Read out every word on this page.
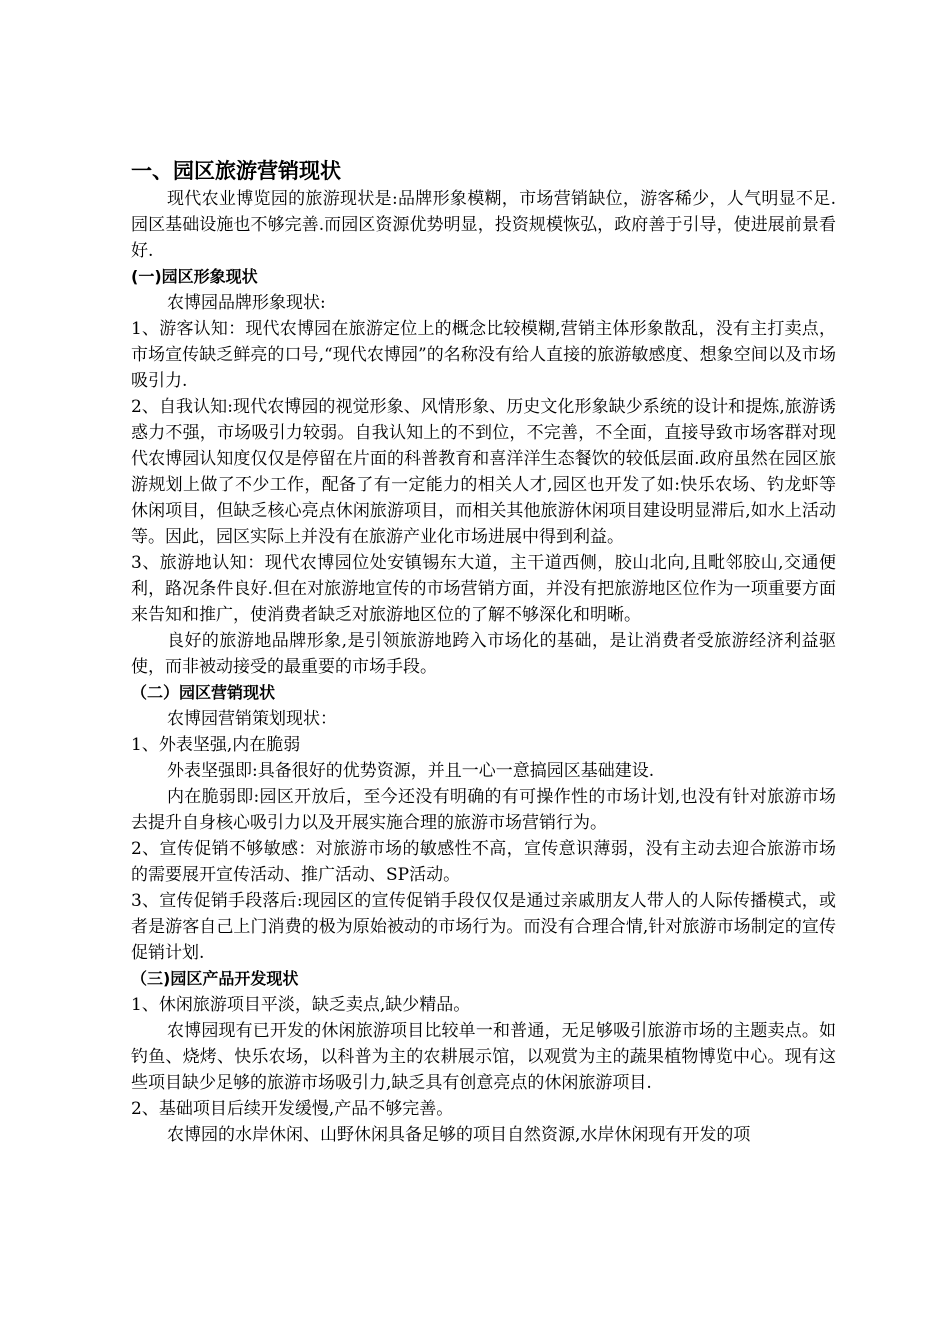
一、园区旅游营销现状

现代农业博览园的旅游现状是:品牌形象模糊，市场营销缺位，游客稀少，人气明显不足.园区基础设施也不够完善.而园区资源优势明显，投资规模恢弘，政府善于引导，使进展前景看好.

(一)园区形象现状

农博园品牌形象现状:

1、游客认知：现代农博园在旅游定位上的概念比较模糊,营销主体形象散乱，没有主打卖点，市场宣传缺乏鲜亮的口号,“现代农博园”的名称没有给人直接的旅游敏感度、想象空间以及市场吸引力.

2、自我认知:现代农博园的视觉形象、风情形象、历史文化形象缺少系统的设计和提炼,旅游诱惑力不强，市场吸引力较弱。自我认知上的不到位，不完善，不全面，直接导致市场客群对现代农博园认知度仅仅是停留在片面的科普教育和喜洋洋生态餐饮的较低层面.政府虽然在园区旅游规划上做了不少工作，配备了有一定能力的相关人才,园区也开发了如:快乐农场、钓龙虾等休闲项目，但缺乏核心亮点休闲旅游项目，而相关其他旅游休闲项目建设明显滞后,如水上活动等。因此，园区实际上并没有在旅游产业化市场进展中得到利益。

3、旅游地认知：现代农博园位处安镇锡东大道，主干道西侧，胶山北向,且毗邻胶山,交通便利，路况条件良好.但在对旅游地宣传的市场营销方面，并没有把旅游地区位作为一项重要方面来告知和推广，使消费者缺乏对旅游地区位的了解不够深化和明晰。

良好的旅游地品牌形象,是引领旅游地跨入市场化的基础，是让消费者受旅游经济利益驱使，而非被动接受的最重要的市场手段。

（二）园区营销现状

农博园营销策划现状：

1、外表坚强,内在脆弱

外表坚强即:具备很好的优势资源，并且一心一意搞园区基础建设.

内在脆弱即:园区开放后，至今还没有明确的有可操作性的市场计划,也没有针对旅游市场去提升自身核心吸引力以及开展实施合理的旅游市场营销行为。

2、宣传促销不够敏感：对旅游市场的敏感性不高，宣传意识薄弱，没有主动去迎合旅游市场的需要展开宣传活动、推广活动、SP活动。

3、宣传促销手段落后:现园区的宣传促销手段仅仅是通过亲戚朋友人带人的人际传播模式，或者是游客自己上门消费的极为原始被动的市场行为。而没有合理合情,针对旅游市场制定的宣传促销计划.

（三)园区产品开发现状

1、休闲旅游项目平淡，缺乏卖点,缺少精品。

农博园现有已开发的休闲旅游项目比较单一和普通，无足够吸引旅游市场的主题卖点。如钓鱼、烧烤、快乐农场，以科普为主的农耕展示馆，以观赏为主的蔬果植物博览中心。现有这些项目缺少足够的旅游市场吸引力,缺乏具有创意亮点的休闲旅游项目.

2、基础项目后续开发缓慢,产品不够完善。

农博园的水岸休闲、山野休闲具备足够的项目自然资源,水岸休闲现有开发的项
